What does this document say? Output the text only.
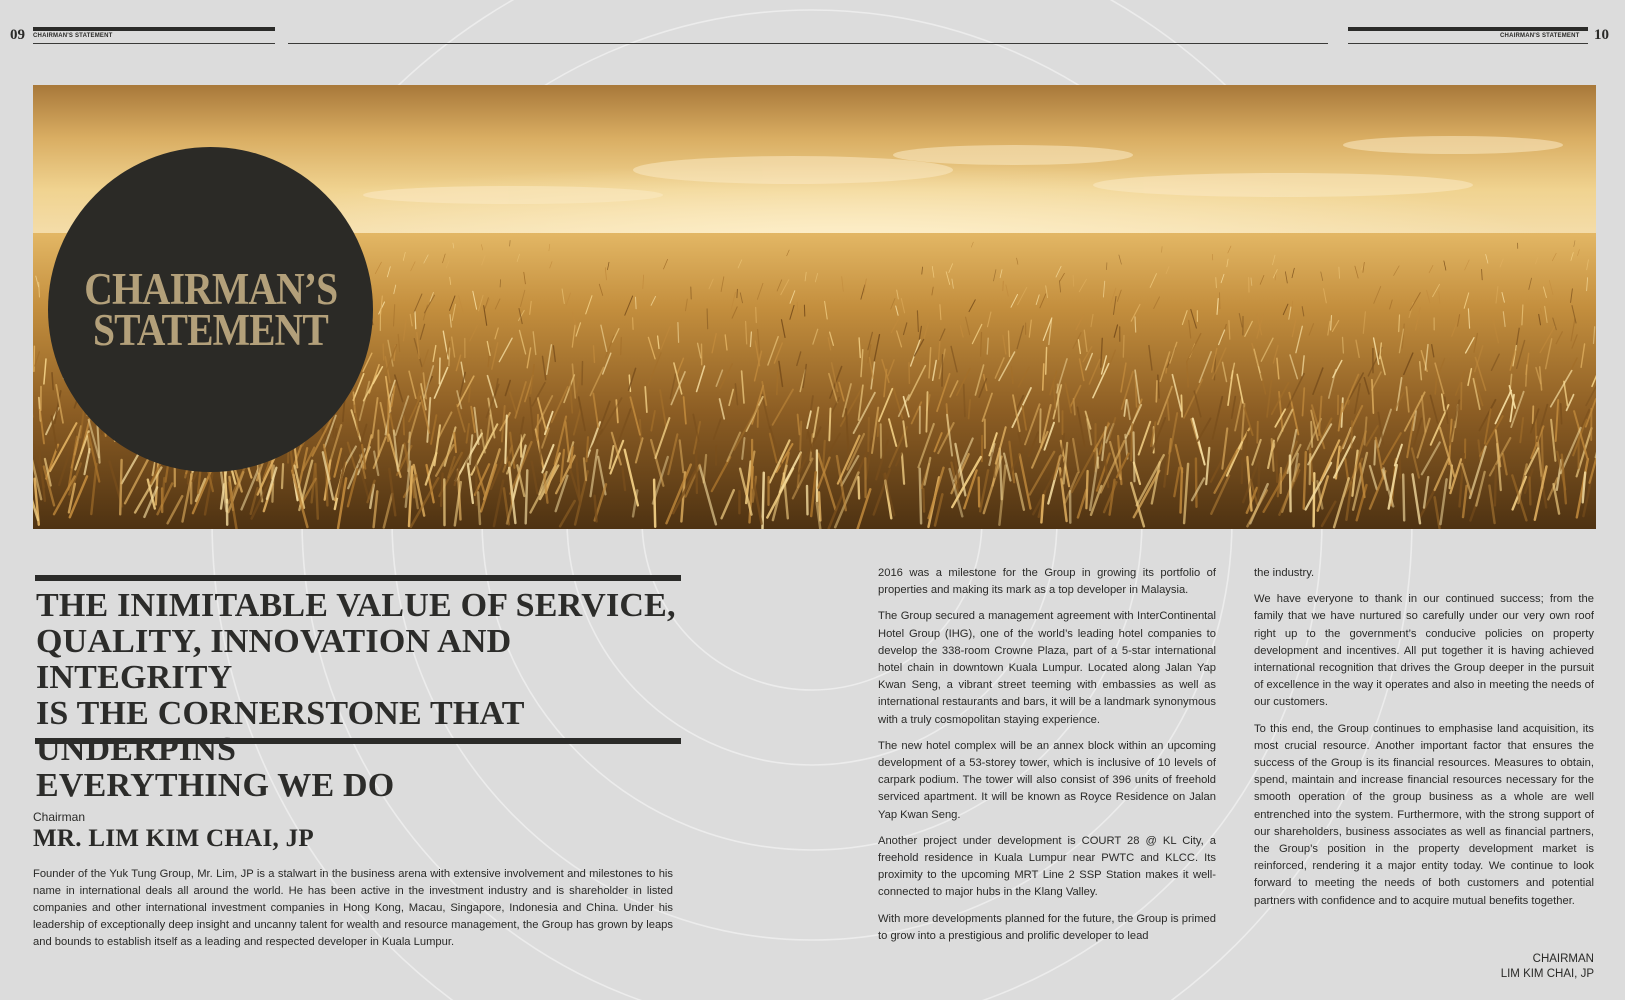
09 CHAIRMAN'S STATEMENT	CHAIRMAN'S STATEMENT 10
CHAIRMAN’S
STATEMENT
THE INIMITABLE VALUE OF SERVICE,
QUALITY, INNOVATION AND INTEGRITY
IS THE CORNERSTONE THAT UNDERPINS
EVERYTHING WE DO
Chairman
MR. LIM KIM CHAI, JP
Founder of the Yuk Tung Group, Mr. Lim, JP is a stalwart in the business arena with extensive involvement and milestones to his name in international deals all around the world. He has been active in the investment industry and is shareholder in listed companies and other international investment companies in Hong Kong, Macau, Singapore, Indonesia and China. Under his leadership of exceptionally deep insight and uncanny talent for wealth and resource management, the Group has grown by leaps and bounds to establish itself as a leading and respected developer in Kuala Lumpur.

2016 was a milestone for the Group in growing its portfolio of properties and making its mark as a top developer in Malaysia.

The Group secured a management agreement with InterContinental Hotel Group (IHG), one of the world’s leading hotel companies to develop the 338-room Crowne Plaza, part of a 5-star international hotel chain in downtown Kuala Lumpur. Located along Jalan Yap Kwan Seng, a vibrant street teeming with embassies as well as international restaurants and bars, it will be a landmark synonymous with a truly cosmopolitan staying experience.

The new hotel complex will be an annex block within an upcoming development of a 53-storey tower, which is inclusive of 10 levels of carpark podium. The tower will also consist of 396 units of freehold serviced apartment. It will be known as Royce Residence on Jalan Yap Kwan Seng.

Another project under development is COURT 28 @ KL City, a freehold residence in Kuala Lumpur near PWTC and KLCC. Its proximity to the upcoming MRT Line 2 SSP Station makes it well-connected to major hubs in the Klang Valley.

With more developments planned for the future, the Group is primed to grow into a prestigious and prolific developer to lead

the industry.

We have everyone to thank in our continued success; from the family that we have nurtured so carefully under our very own roof right up to the government’s conducive policies on property development and incentives. All put together it is having achieved international recognition that drives the Group deeper in the pursuit of excellence in the way it operates and also in meeting the needs of our customers.

To this end, the Group continues to emphasise land acquisition, its most crucial resource. Another important factor that ensures the success of the Group is its financial resources. Measures to obtain, spend, maintain and increase financial resources necessary for the smooth operation of the group business as a whole are well entrenched into the system. Furthermore, with the strong support of our shareholders, business associates as well as financial partners, the Group’s position in the property development market is reinforced, rendering it a major entity today. We continue to look forward to meeting the needs of both customers and potential partners with confidence and to acquire mutual benefits together.

CHAIRMAN
LIM KIM CHAI, JP
